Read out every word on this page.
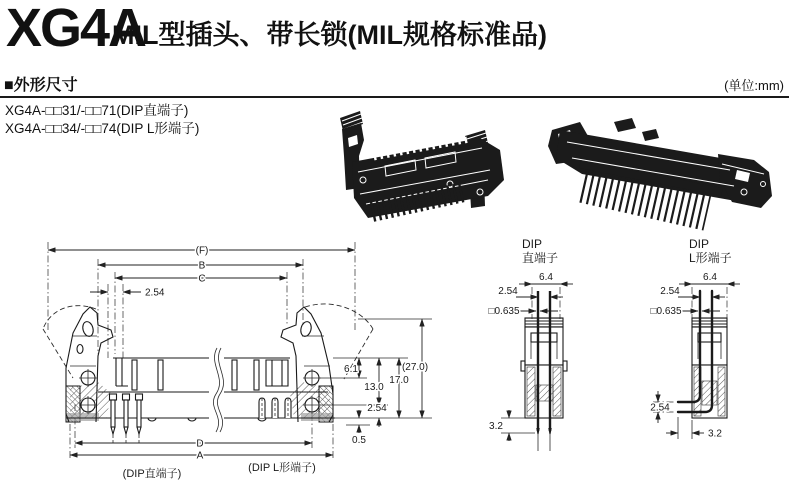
XG4A
MIL型插头、带长锁(MIL规格标准品)
■外形尺寸	(单位:mm)
XG4A-□□31/-□□71(DIP直端子)
XG4A-□□34/-□□74(DIP L形端子)
(F)
B
C
2.54
6.1
13.0
17.0
(27.0)
2.54
0.5
D
A
(DIP直端子)	(DIP L形端子)
DIP
直端子
6.4
2.54
□0.635
3.2
DIP
L形端子
6.4
2.54
□0.635
2.54
3.2
